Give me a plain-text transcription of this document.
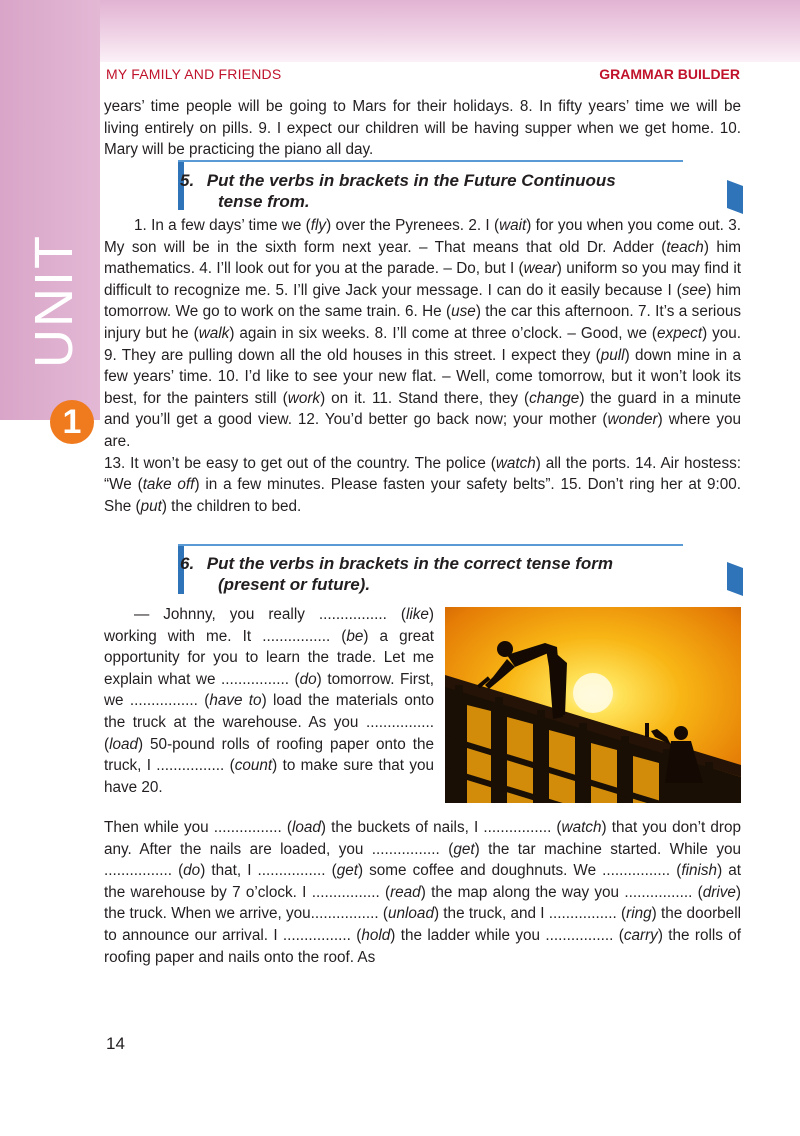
UNIT
1
MY FAMILY AND FRIENDS	GRAMMAR BUILDER

years’ time people will be going to Mars for their holidays. 8. In fifty years’ time we will be living entirely on pills. 9. I expect our children will be having supper when we get home. 10. Mary will be practicing the piano all day.

5. Put the verbs in brackets in the Future Continuous
tense from.

1. In a few days’ time we (fly) over the Pyrenees. 2. I (wait) for you when you come out. 3. My son will be in the sixth form next year. – That means that old Dr. Adder (teach) him mathematics. 4. I’ll look out for you at the parade. – Do, but I (wear) uniform so you may find it difficult to recognize me. 5. I’ll give Jack your message. I can do it easily because I (see) him tomorrow. We go to work on the same train. 6. He (use) the car this afternoon. 7. It’s a serious injury but he (walk) again in six weeks. 8. I’ll come at three o’clock. – Good, we (expect) you. 9. They are pulling down all the old houses in this street. I expect they (pull) down mine in a few years’ time. 10. I’d like to see your new flat. – Well, come tomorrow, but it won’t look its best, for the painters still (work) on it. 11. Stand there, they (change) the guard in a minute and you’ll get a good view. 12. You’d better go back now; your mother (wonder) where you are.
13. It won’t be easy to get out of the country. The police (watch) all the ports. 14. Air hostess: “We (take off) in a few minutes. Please fasten your safety belts”. 15. Don’t ring her at 9:00. She (put) the children to bed.

6. Put the verbs in brackets in the correct tense form
(present or future).

— Johnny, you really ................ (like) working with me. It ................ (be) a great opportunity for you to learn the trade. Let me explain what we ................ (do) tomorrow. First, we ................ (have to) load the materials onto the truck at the warehouse. As you ................ (load) 50-pound rolls of roofing paper onto the truck, I ................ (count) to make sure that you have 20.

Then while you ................ (load) the buckets of nails, I ................ (watch) that you don’t drop any. After the nails are loaded, you ................ (get) the tar machine started. While you ................ (do) that, I ................ (get) some coffee and doughnuts. We ................ (finish) at the warehouse by 7 o’clock. I ................ (read) the map along the way you ................ (drive) the truck. When we arrive, you................ (unload) the truck, and I ................ (ring) the doorbell to announce our arrival. I ................ (hold) the ladder while you ................ (carry) the rolls of roofing paper and nails onto the roof. As

14
